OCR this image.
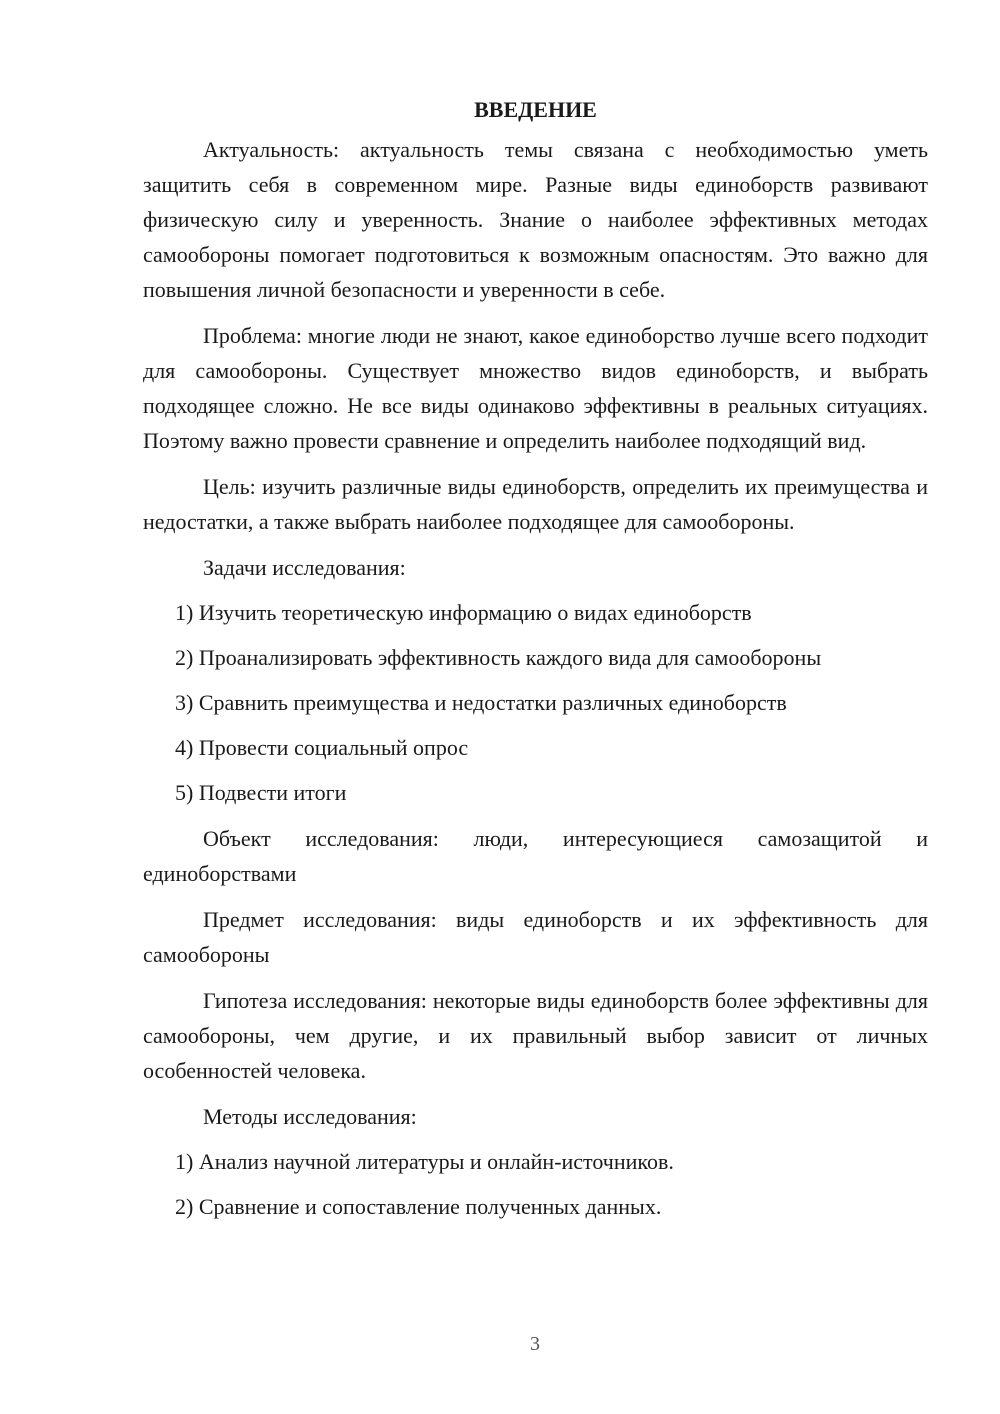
ВВЕДЕНИЕ

Актуальность: актуальность темы связана с необходимостью уметь защитить себя в современном мире. Разные виды единоборств развивают физическую силу и уверенность. Знание о наиболее эффективных методах самообороны помогает подготовиться к возможным опасностям. Это важно для повышения личной безопасности и уверенности в себе.

Проблема: многие люди не знают, какое единоборство лучше всего подходит для самообороны. Существует множество видов единоборств, и выбрать подходящее сложно. Не все виды одинаково эффективны в реальных ситуациях. Поэтому важно провести сравнение и определить наиболее подходящий вид.

Цель: изучить различные виды единоборств, определить их преимущества и недостатки, а также выбрать наиболее подходящее для самообороны.

Задачи исследования:

1) Изучить теоретическую информацию о видах единоборств
2) Проанализировать эффективность каждого вида для самообороны
3) Сравнить преимущества и недостатки различных единоборств
4) Провести социальный опрос
5) Подвести итоги

Объект исследования: люди, интересующиеся самозащитой и единоборствами

Предмет исследования: виды единоборств и их эффективность для самообороны

Гипотеза исследования: некоторые виды единоборств более эффективны для самообороны, чем другие, и их правильный выбор зависит от личных особенностей человека.

Методы исследования:

1) Анализ научной литературы и онлайн-источников.
2) Сравнение и сопоставление полученных данных.
3
